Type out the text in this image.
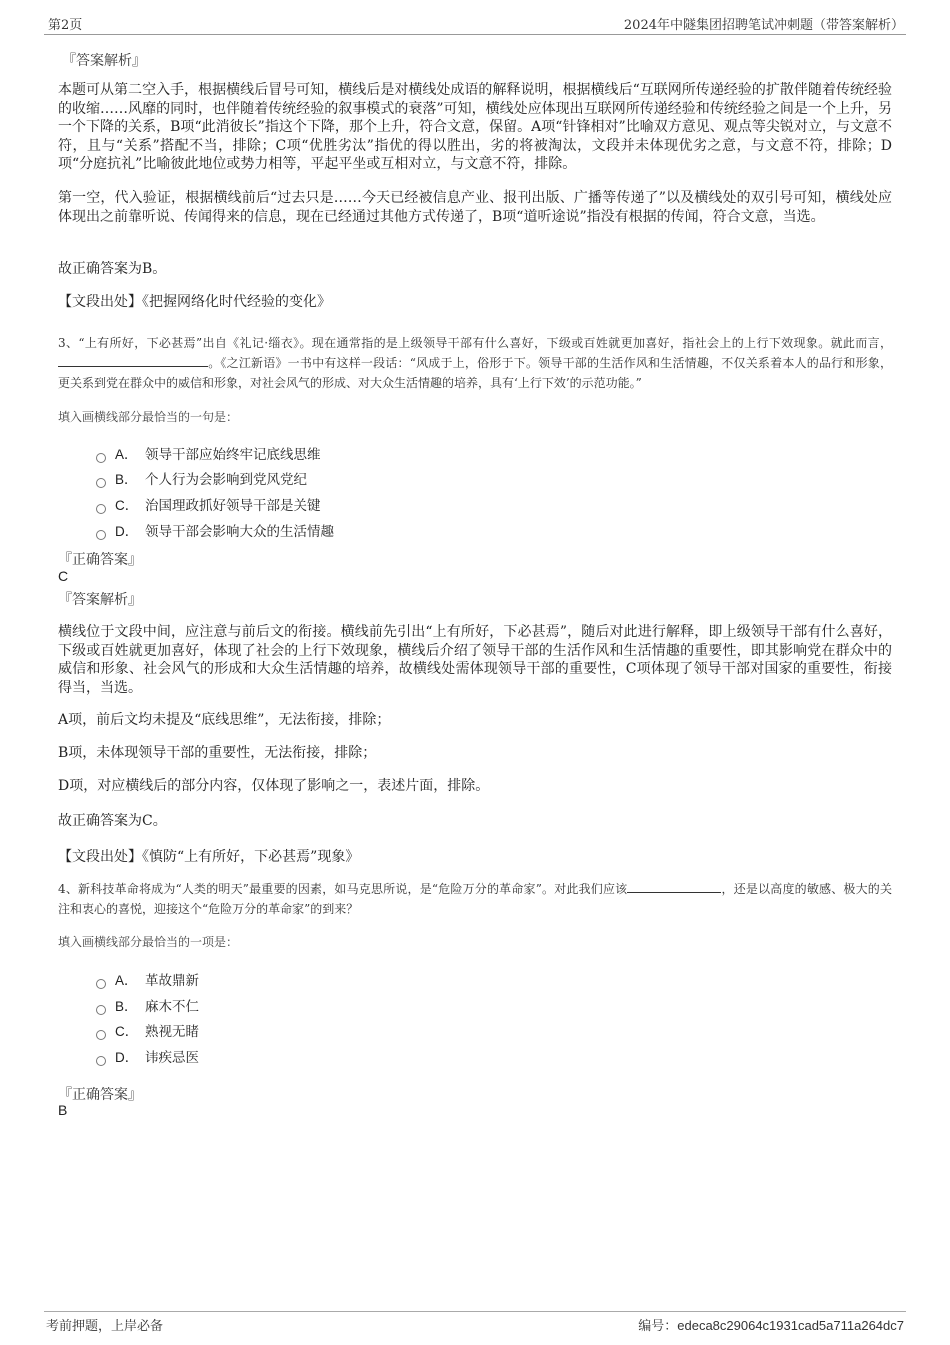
第2页	2024年中隧集团招聘笔试冲刺题（带答案解析）
『答案解析』
本题可从第二空入手，根据横线后冒号可知，横线后是对横线处成语的解释说明，根据横线后“互联网所传递经验的扩散伴随着传统经验的收缩……风靡的同时，也伴随着传统经验的叙事模式的衰落”可知，横线处应体现出互联网所传递经验和传统经验之间是一个上升，另一个下降的关系，B项“此消彼长”指这个下降，那个上升，符合文意，保留。A项“针锋相对”比喻双方意见、观点等尖锐对立，与文意不符，且与“关系”搭配不当，排除；C项“优胜劣汰”指优的得以胜出，劣的将被淘汰，文段并未体现优劣之意，与文意不符，排除；D项“分庭抗礼”比喻彼此地位或势力相等，平起平坐或互相对立，与文意不符，排除。
第一空，代入验证，根据横线前后“过去只是……今天已经被信息产业、报刊出版、广播等传递了”以及横线处的双引号可知，横线处应体现出之前靠听说、传闻得来的信息，现在已经通过其他方式传递了，B项“道听途说”指没有根据的传闻，符合文意，当选。
故正确答案为B。
【文段出处】《把握网络化时代经验的变化》
3、“上有所好，下必甚焉”出自《礼记·缁衣》。现在通常指的是上级领导干部有什么喜好，下级或百姓就更加喜好，指社会上的上行下效现象。就此而言，。《之江新语》一书中有这样一段话：“风成于上，俗形于下。领导干部的生活作风和生活情趣，不仅关系着本人的品行和形象，更关系到党在群众中的威信和形象，对社会风气的形成、对大众生活情趣的培养，具有‘上行下效’的示范功能。”
填入画横线部分最恰当的一句是：
A． 领导干部应始终牢记底线思维
B． 个人行为会影响到党风党纪
C． 治国理政抓好领导干部是关键
D． 领导干部会影响大众的生活情趣
『正确答案』
C
『答案解析』
横线位于文段中间，应注意与前后文的衔接。横线前先引出“上有所好，下必甚焉”，随后对此进行解释，即上级领导干部有什么喜好，下级或百姓就更加喜好，体现了社会的上行下效现象，横线后介绍了领导干部的生活作风和生活情趣的重要性，即其影响党在群众中的威信和形象、社会风气的形成和大众生活情趣的培养，故横线处需体现领导干部的重要性，C项体现了领导干部对国家的重要性，衔接得当，当选。
A项，前后文均未提及“底线思维”，无法衔接，排除；
B项，未体现领导干部的重要性，无法衔接，排除；
D项，对应横线后的部分内容，仅体现了影响之一，表述片面，排除。
故正确答案为C。
【文段出处】《慎防“上有所好，下必甚焉”现象》
4、新科技革命将成为“人类的明天”最重要的因素，如马克思所说，是“危险万分的革命家”。对此我们应该	，还是以高度的敏感、极大的关注和衷心的喜悦，迎接这个“危险万分的革命家”的到来？
填入画横线部分最恰当的一项是：
A． 革故鼎新
B． 麻木不仁
C． 熟视无睹
D． 讳疾忌医
『正确答案』
B
考前押题，上岸必备	编号：edeca8c29064c1931cad5a711a264dc7
